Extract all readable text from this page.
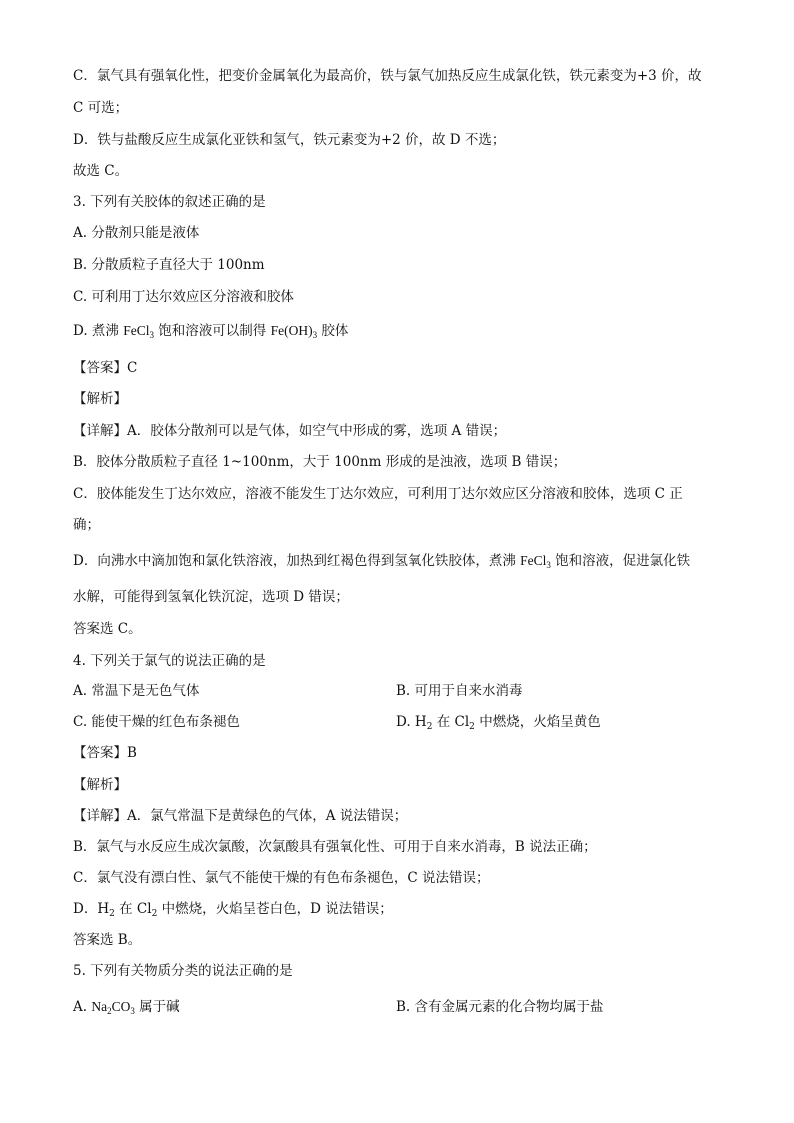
C．氯气具有强氧化性，把变价金属氧化为最高价，铁与氯气加热反应生成氯化铁，铁元素变为+3 价，故
C 可选；
D．铁与盐酸反应生成氯化亚铁和氢气，铁元素变为+2 价，故 D 不选；
故选 C。
3. 下列有关胶体的叙述正确的是
A. 分散剂只能是液体
B. 分散质粒子直径大于 100nm
C. 可利用丁达尔效应区分溶液和胶体
D. 煮沸 FeCl$_3$ 饱和溶液可以制得 $Fe(OH)_3$ 胶体
【答案】C
【解析】
【详解】A．胶体分散剂可以是气体，如空气中形成的雾，选项 A 错误；
B．胶体分散质粒子直径 1~100nm，大于 100nm 形成的是浊液，选项 B 错误；
C．胶体能发生丁达尔效应，溶液不能发生丁达尔效应，可利用丁达尔效应区分溶液和胶体，选项 C 正
确；
D．向沸水中滴加饱和氯化铁溶液，加热到红褐色得到氢氧化铁胶体，煮沸 FeCl$_3$ 饱和溶液，促进氯化铁
水解，可能得到氢氧化铁沉淀，选项 D 错误；
答案选 C。
4. 下列关于氯气的说法正确的是
A. 常温下是无色气体	B. 可用于自来水消毒
C. 能使干燥的红色布条褪色	D. $H_2$ 在 $Cl_2$ 中燃烧，火焰呈黄色
【答案】B
【解析】
【详解】A．氯气常温下是黄绿色的气体，A 说法错误；
B．氯气与水反应生成次氯酸，次氯酸具有强氧化性、可用于自来水消毒，B 说法正确；
C．氯气没有漂白性、氯气不能使干燥的有色布条褪色，C 说法错误；
D．$H_2$ 在 $Cl_2$ 中燃烧，火焰呈苍白色，D 说法错误；
答案选 B。
5. 下列有关物质分类的说法正确的是
A. $Na_2CO_3$ 属于碱	B. 含有金属元素的化合物均属于盐
